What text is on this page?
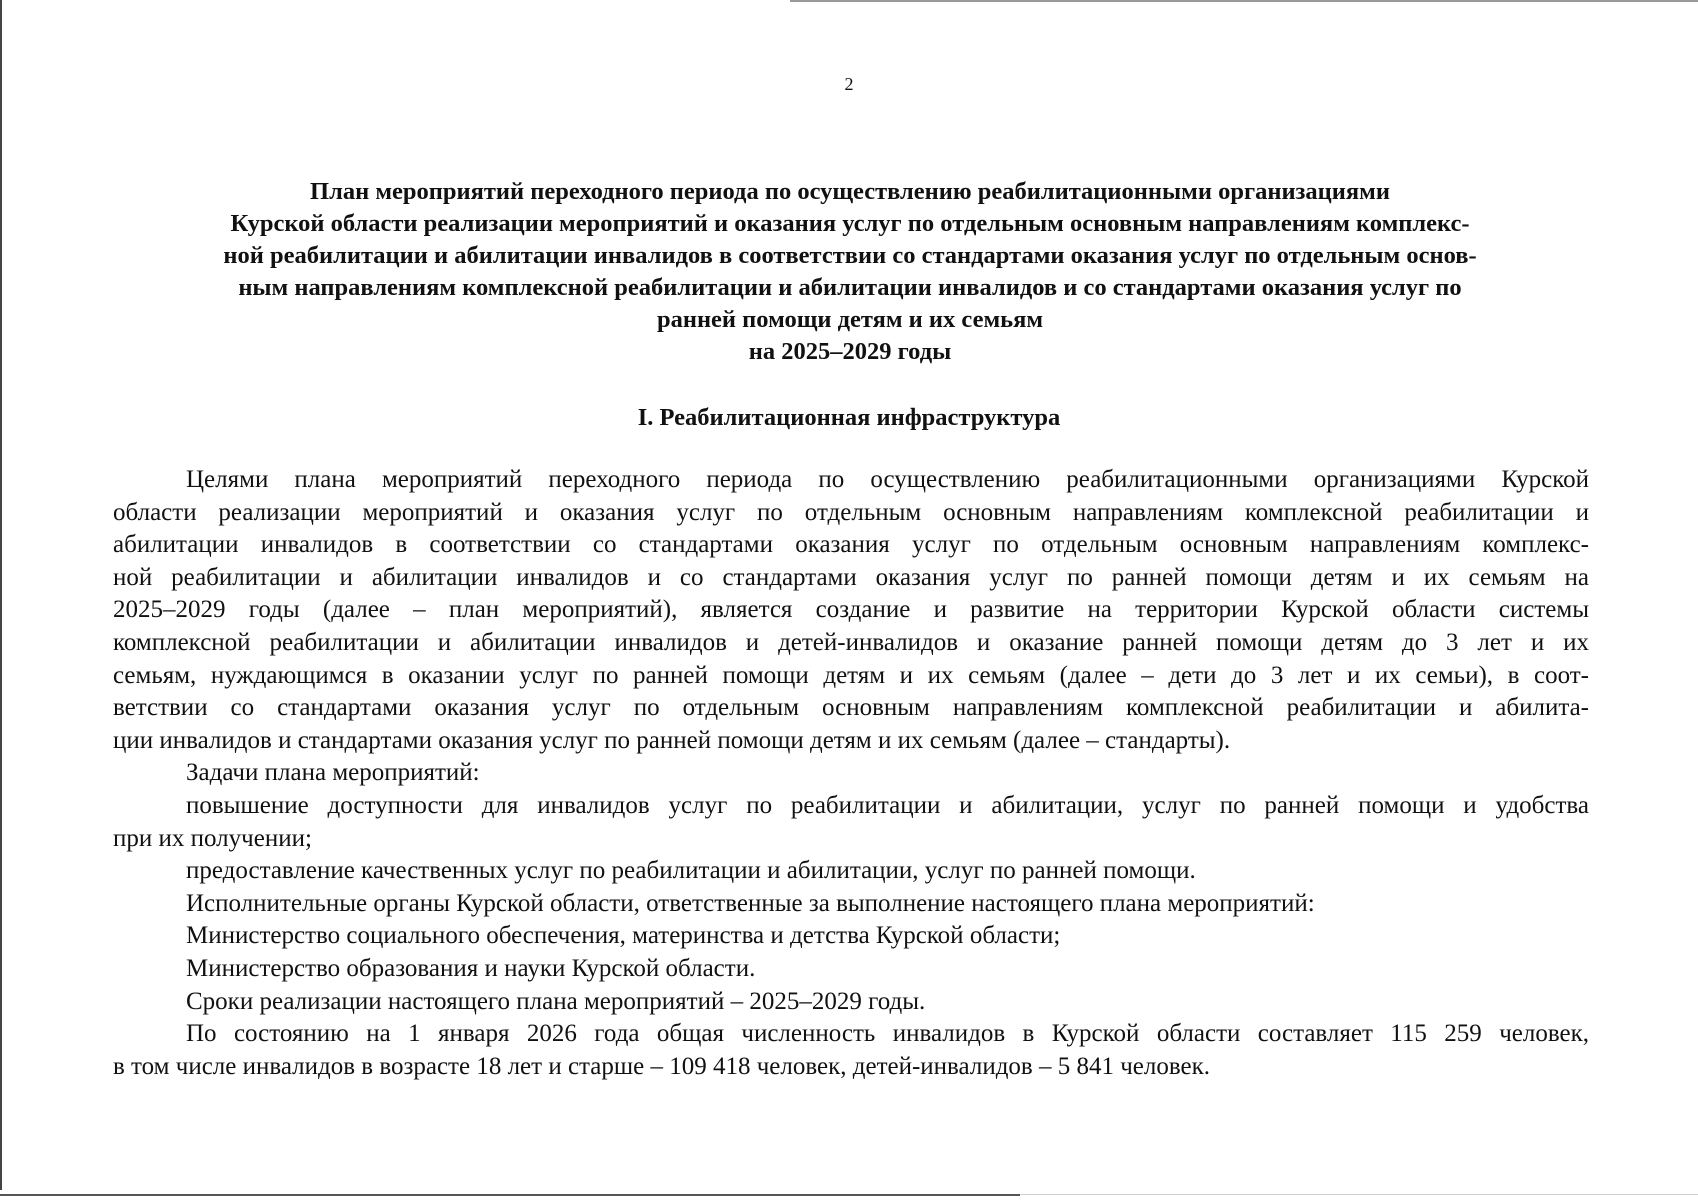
2
План мероприятий переходного периода по осуществлению реабилитационными организациями
Курской области реализации мероприятий и оказания услуг по отдельным основным направлениям комплекс-
ной реабилитации и абилитации инвалидов в соответствии со стандартами оказания услуг по отдельным основ-
ным направлениям комплексной реабилитации и абилитации инвалидов и со стандартами оказания услуг по
ранней помощи детям и их семьям
на 2025–2029 годы
I. Реабилитационная инфраструктура
Целями плана мероприятий переходного периода по осуществлению реабилитационными организациями Курской
области реализации мероприятий и оказания услуг по отдельным основным направлениям комплексной реабилитации и
абилитации инвалидов в соответствии со стандартами оказания услуг по отдельным основным направлениям комплекс-
ной реабилитации и абилитации инвалидов и со стандартами оказания услуг по ранней помощи детям и их семьям на
2025–2029 годы (далее – план мероприятий), является создание и развитие на территории Курской области системы
комплексной реабилитации и абилитации инвалидов и детей-инвалидов и оказание ранней помощи детям до 3 лет и их
семьям, нуждающимся в оказании услуг по ранней помощи детям и их семьям (далее – дети до 3 лет и их семьи), в соот-
ветствии со стандартами оказания услуг по отдельным основным направлениям комплексной реабилитации и абилита-
ции инвалидов и стандартами оказания услуг по ранней помощи детям и их семьям (далее – стандарты).
Задачи плана мероприятий:
повышение доступности для инвалидов услуг по реабилитации и абилитации, услуг по ранней помощи и удобства
при их получении;
предоставление качественных услуг по реабилитации и абилитации, услуг по ранней помощи.
Исполнительные органы Курской области, ответственные за выполнение настоящего плана мероприятий:
Министерство социального обеспечения, материнства и детства Курской области;
Министерство образования и науки Курской области.
Сроки реализации настоящего плана мероприятий – 2025–2029 годы.
По состоянию на 1 января 2026 года общая численность инвалидов в Курской области составляет 115 259 человек,
в том числе инвалидов в возрасте 18 лет и старше – 109 418 человек, детей-инвалидов – 5 841 человек.
